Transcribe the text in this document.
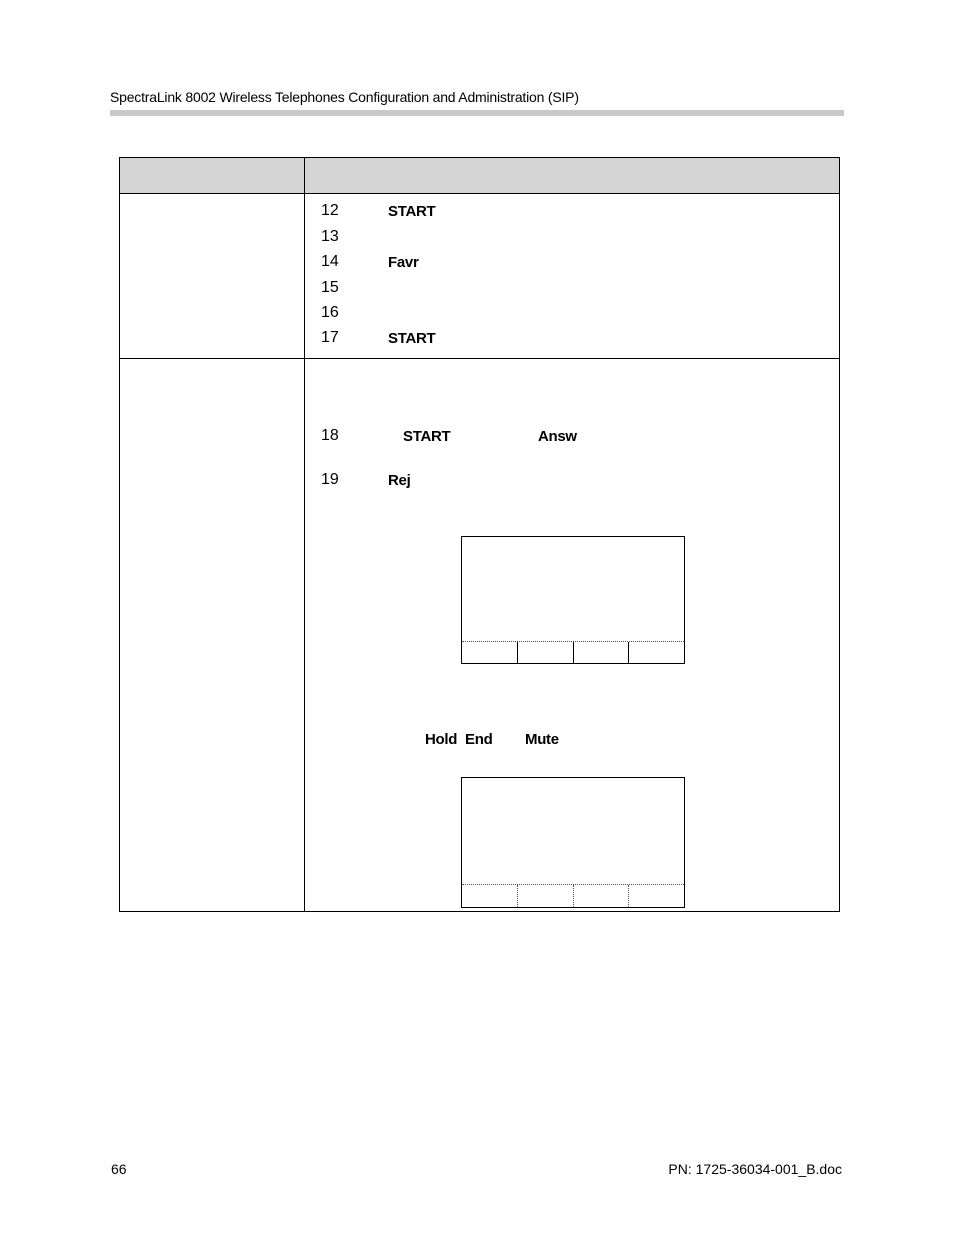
SpectraLink 8002 Wireless Telephones Configuration and Administration (SIP)
12	START
13
14	Favr
15
16
17	START
18	START	Answ
19	Rej
Hold End Mute
66	PN: 1725-36034-001_B.doc
